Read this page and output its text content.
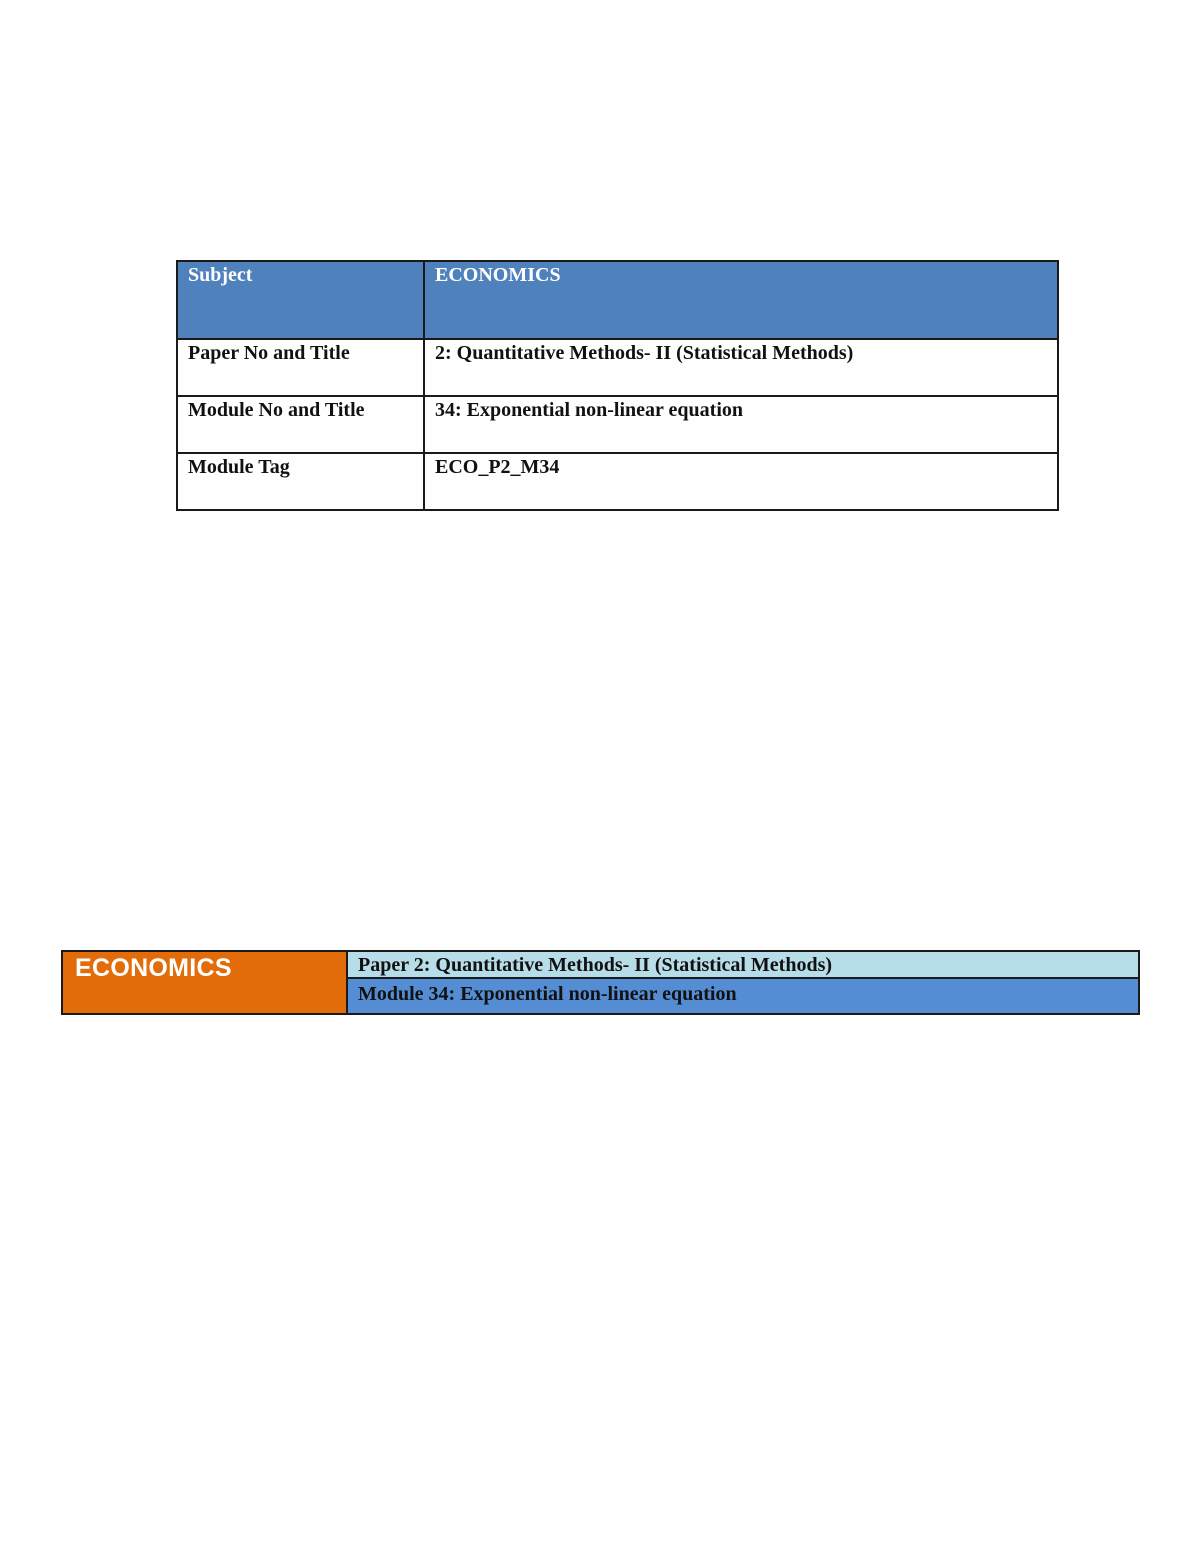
Subject	ECONOMICS
Paper No and Title	2: Quantitative Methods- II (Statistical Methods)
Module No and Title	34: Exponential non-linear equation
Module Tag	ECO_P2_M34
ECONOMICS	Paper 2: Quantitative Methods- II (Statistical Methods)
Module 34: Exponential non-linear equation
